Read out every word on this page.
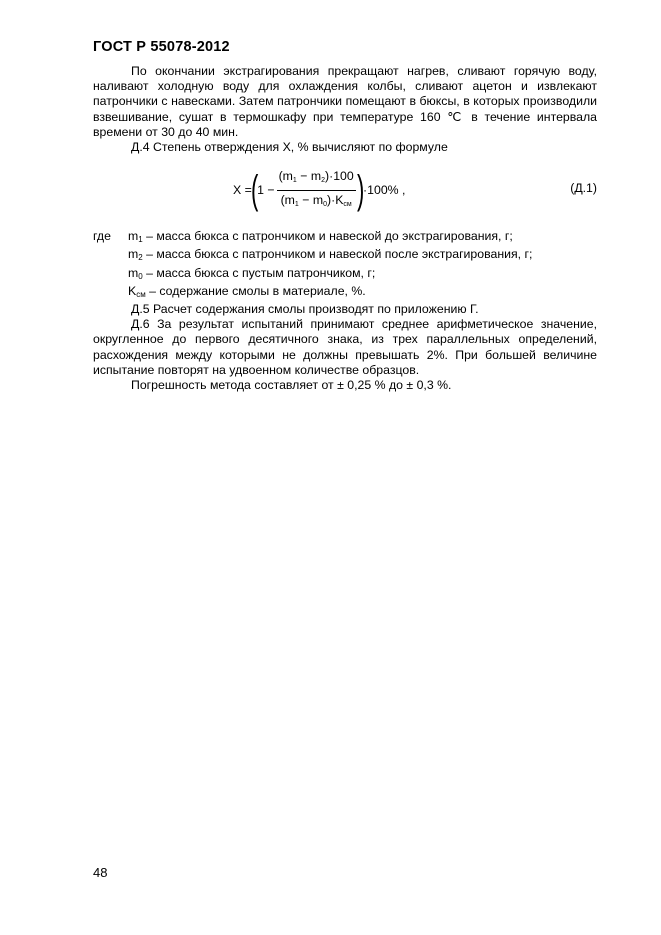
ГОСТ Р 55078-2012

По окончании экстрагирования прекращают нагрев, сливают горячую воду, наливают холодную воду для охлаждения колбы, сливают ацетон и извлекают патрончики с навесками. Затем патрончики помещают в бюксы, в которых производили взвешивание, сушат в термошкафу при температуре 160 ℃ в течение интервала времени от 30 до 40 мин.

Д.4 Степень отверждения X, % вычисляют по формуле

X =
(
$1 - \frac{(m_1 - m_2)\cdot 100}{(m_1 - m_0)\cdot K_{см}}$ )
·100% ,	(Д.1)

где $m_1$ – масса бюкса с патрончиком и навеской до экстрагирования, г;

$m_2$ – масса бюкса с патрончиком и навеской после экстрагирования, г;

$m_0$ – масса бюкса с пустым патрончиком, г;

$K_{см}$ – содержание смолы в материале, %.

Д.5 Расчет содержания смолы производят по приложению Г.

Д.6 За результат испытаний принимают среднее арифметическое значение, округленное до первого десятичного знака, из трех параллельных определений, расхождения между которыми не должны превышать 2%. При большей величине испытание повторят на удвоенном количестве образцов.

Погрешность метода составляет от ± 0,25 % до ± 0,3 %.

48
